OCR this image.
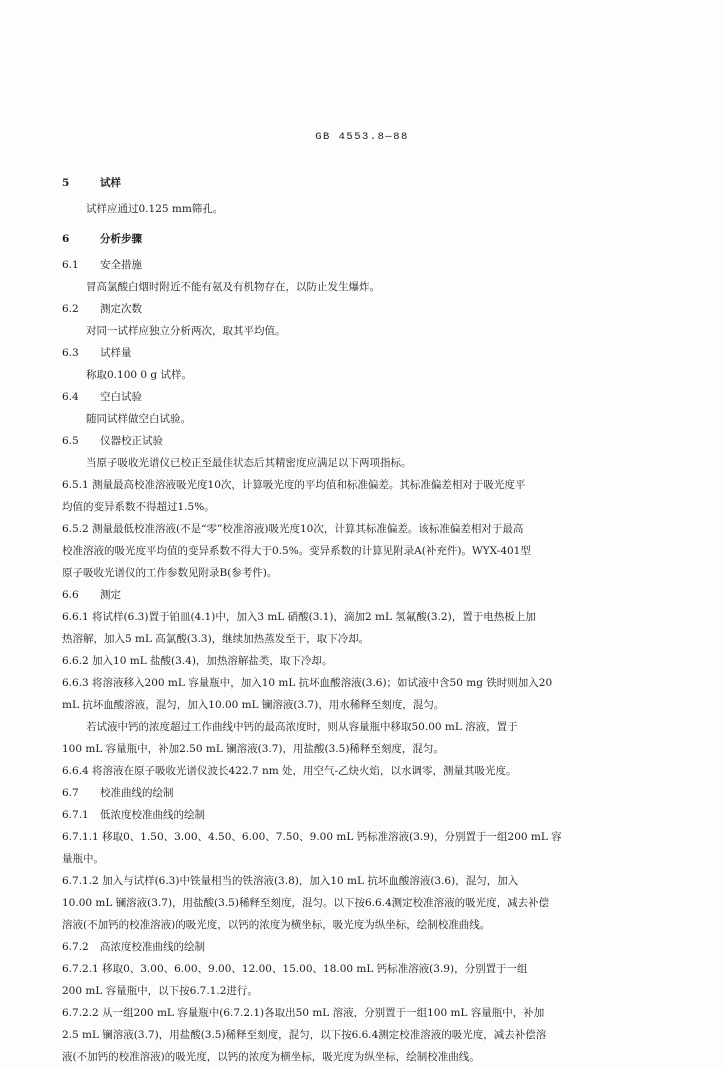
GB 4553.8—88

5	试样

试样应通过0.125 mm筛孔。

6	分析步骤

6.1 安全措施

冒高氯酸白烟时附近不能有氨及有机物存在，以防止发生爆炸。

6.2 测定次数

对同一试样应独立分析两次，取其平均值。

6.3 试样量

称取0.100 0 g 试样。

6.4 空白试验

随同试样做空白试验。

6.5 仪器校正试验

当原子吸收光谱仪已校正至最佳状态后其精密度应满足以下两项指标。

6.5.1 测量最高校准溶液吸光度10次，计算吸光度的平均值和标准偏差。其标准偏差相对于吸光度平

均值的变异系数不得超过1.5%。

6.5.2 测量最低校准溶液(不是“零”校准溶液)吸光度10次，计算其标准偏差。该标准偏差相对于最高

校准溶液的吸光度平均值的变异系数不得大于0.5%。变异系数的计算见附录A(补充件)。WYX-401型

原子吸收光谱仪的工作参数见附录B(参考件)。

6.6 测定

6.6.1 将试样(6.3)置于铂皿(4.1)中，加入3 mL 硝酸(3.1)，滴加2 mL 氢氟酸(3.2)，置于电热板上加

热溶解，加入5 mL 高氯酸(3.3)，继续加热蒸发至干，取下冷却。

6.6.2 加入10 mL 盐酸(3.4)，加热溶解盐类，取下冷却。

6.6.3 将溶液移入200 mL 容量瓶中，加入10 mL 抗坏血酸溶液(3.6)；如试液中含50 mg 铁时则加入20

mL 抗坏血酸溶液，混匀，加入10.00 mL 镧溶液(3.7)，用水稀释至刻度，混匀。

若试液中钙的浓度超过工作曲线中钙的最高浓度时，则从容量瓶中移取50.00 mL 溶液，置于

100 mL 容量瓶中，补加2.50 mL 镧溶液(3.7)，用盐酸(3.5)稀释至刻度，混匀。

6.6.4 将溶液在原子吸收光谱仪波长422.7 nm 处，用空气-乙炔火焰，以水调零，测量其吸光度。

6.7 校准曲线的绘制

6.7.1 低浓度校准曲线的绘制

6.7.1.1 移取0、1.50、3.00、4.50、6.00、7.50、9.00 mL 钙标准溶液(3.9)，分别置于一组200 mL 容

量瓶中。

6.7.1.2 加入与试样(6.3)中铁量相当的铁溶液(3.8)，加入10 mL 抗坏血酸溶液(3.6)，混匀，加入

10.00 mL 镧溶液(3.7)，用盐酸(3.5)稀释至刻度，混匀。以下按6.6.4测定校准溶液的吸光度，减去补偿

溶液(不加钙的校准溶液)的吸光度，以钙的浓度为横坐标，吸光度为纵坐标，绘制校准曲线。

6.7.2 高浓度校准曲线的绘制

6.7.2.1 移取0、3.00、6.00、9.00、12.00、15.00、18.00 mL 钙标准溶液(3.9)，分别置于一组

200 mL 容量瓶中，以下按6.7.1.2进行。

6.7.2.2 从一组200 mL 容量瓶中(6.7.2.1)各取出50 mL 溶液，分别置于一组100 mL 容量瓶中，补加

2.5 mL 镧溶液(3.7)，用盐酸(3.5)稀释至刻度，混匀，以下按6.6.4测定校准溶液的吸光度，减去补偿溶

液(不加钙的校准溶液)的吸光度，以钙的浓度为横坐标，吸光度为纵坐标，绘制校准曲线。
